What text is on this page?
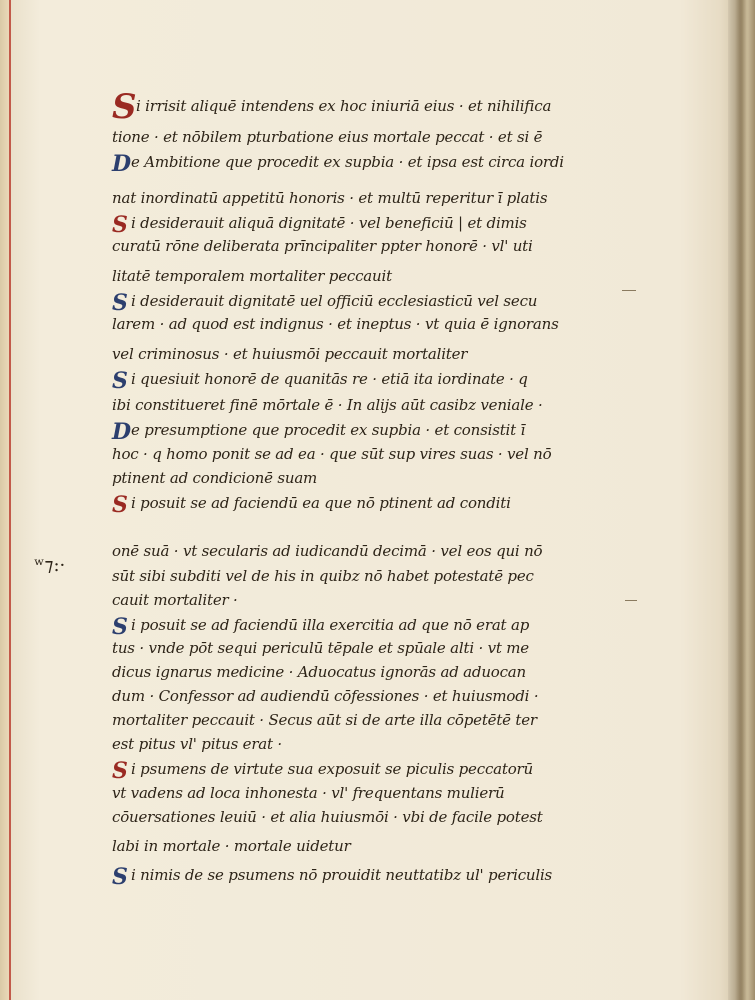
ʷ⁊:·
Si irrisit aliquē intendens ex hoc iniuriā eius · et nihilifica
tione · et nōbilem pturbatione eius mortale peccat · et si ē
De Ambitione que procedit ex supbia · et ipsa est circa iordi
nat inordinatū appetitū honoris · et multū reperitur ī platis
S i desiderauit aliquā dignitatē · vel beneficiū | et dimis
curatū rōne deliberata prīncipaliter ppter honorē · vl' uti
litatē temporalem mortaliter peccauit
S i desiderauit dignitatē uel officiū ecclesiasticū vel secu
larem · ad quod est indignus · et ineptus · vt quia ē ignorans
vel criminosus · et huiusmōi peccauit mortaliter
S i quesiuit honorē de quanitās re · etiā ita iordinate · q
ibi constitueret finē mōrtale ē · In alijs aūt casibz veniale ·
De presumptione que procedit ex supbia · et consistit ī
hoc · q homo ponit se ad ea · que sūt sup vires suas · vel nō
ptinent ad condicionē suam
S i posuit se ad faciendū ea que nō ptinent ad conditi
onē suā · vt secularis ad iudicandū decimā · vel eos qui nō
sūt sibi subditi vel de his in quibz nō habet potestatē pec
cauit mortaliter ·
S i posuit se ad faciendū illa exercitia ad que nō erat ap
tus · vnde pōt sequi periculū tēpale et spūale alti · vt me
dicus ignarus medicine · Aduocatus ignorās ad aduocan
dum · Confessor ad audiendū cōfessiones · et huiusmodi ·
mortaliter peccauit · Secus aūt si de arte illa cōpetētē ter
est pitus vl' pitus erat ·
S i psumens de virtute sua exposuit se piculis peccatorū
vt vadens ad loca inhonesta · vl' frequentans mulierū
cōuersationes leuiū · et alia huiusmōi · vbi de facile potest
labi in mortale · mortale uidetur
S i nimis de se psumens nō prouidit neuttatibz ul' periculis
